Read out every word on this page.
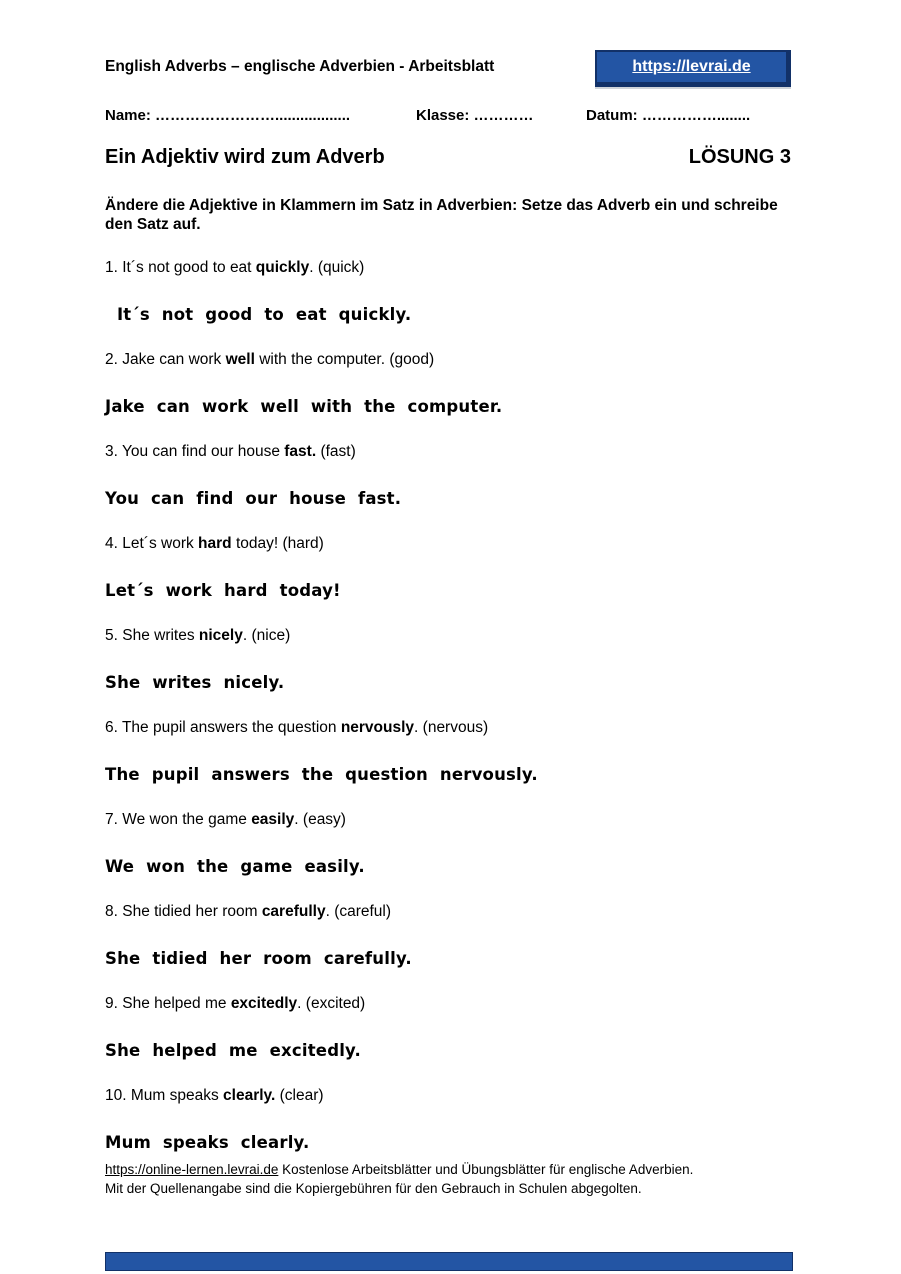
English Adverbs – englische Adverbien - Arbeitsblatt	https://levrai.de
Name: ……………………..................	Klasse: …………	Datum: ……………........
Ein Adjektiv wird zum Adverb	LÖSUNG 3
Ändere die Adjektive in Klammern im Satz in Adverbien: Setze das Adverb ein und schreibe den Satz auf.

1. It´s not good to eat quickly. (quick)

It´s not good to eat quickly.

2. Jake can work well with the computer. (good)

Jake can work well with the computer.

3. You can find our house fast. (fast)

You can find our house fast.

4. Let´s work hard today! (hard)

Let´s work hard today!

5. She writes nicely. (nice)

She writes nicely.

6. The pupil answers the question nervously. (nervous)

The pupil answers the question nervously.

7. We won the game easily. (easy)

We won the game easily.

8. She tidied her room carefully. (careful)

She tidied her room carefully.

9. She helped me excitedly. (excited)

She helped me excitedly.

10. Mum speaks clearly. (clear)

Mum speaks clearly.

https://online-lernen.levrai.de Kostenlose Arbeitsblätter und Übungsblätter für englische Adverbien.
Mit der Quellenangabe sind die Kopiergebühren für den Gebrauch in Schulen abgegolten.
